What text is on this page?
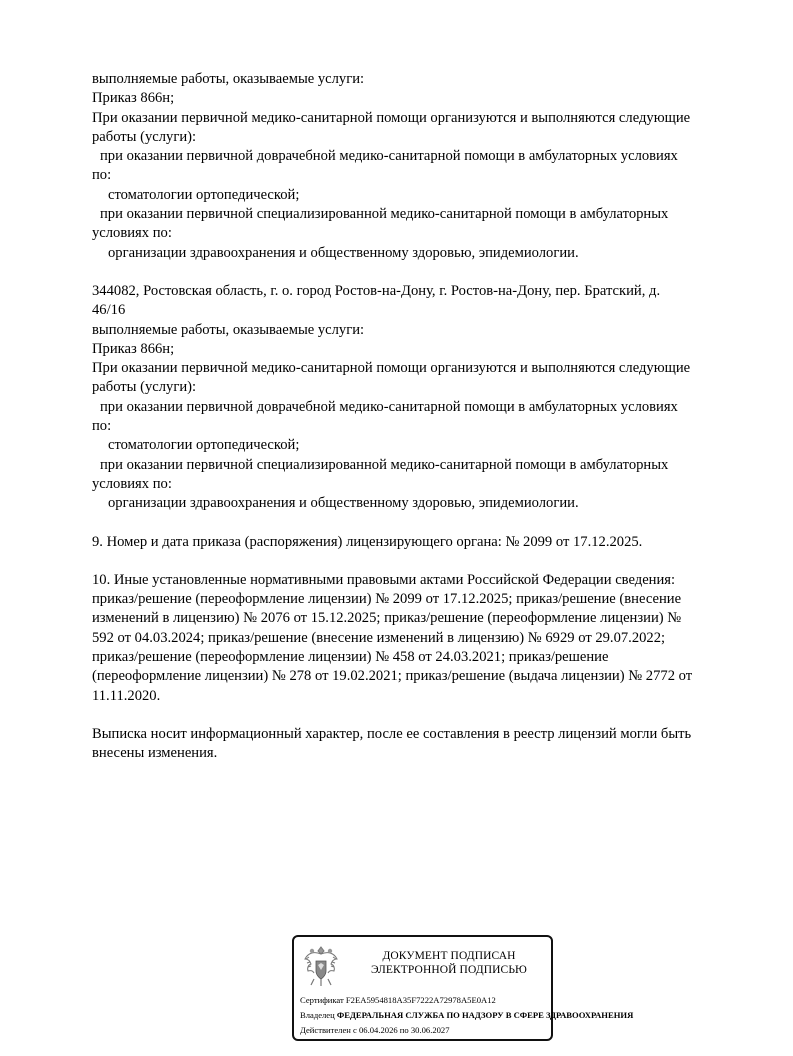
выполняемые работы, оказываемые услуги:
Приказ 866н;
При оказании первичной медико-санитарной помощи организуются и выполняются следующие
работы (услуги):
при оказании первичной доврачебной медико-санитарной помощи в амбулаторных условиях
по:
стоматологии ортопедической;
при оказании первичной специализированной медико-санитарной помощи в амбулаторных
условиях по:
организации здравоохранения и общественному здоровью, эпидемиологии.
344082, Ростовская область, г. о. город Ростов-на-Дону, г. Ростов-на-Дону, пер. Братский, д.
46/16
выполняемые работы, оказываемые услуги:
Приказ 866н;
При оказании первичной медико-санитарной помощи организуются и выполняются следующие
работы (услуги):
при оказании первичной доврачебной медико-санитарной помощи в амбулаторных условиях
по:
стоматологии ортопедической;
при оказании первичной специализированной медико-санитарной помощи в амбулаторных
условиях по:
организации здравоохранения и общественному здоровью, эпидемиологии.
9. Номер и дата приказа (распоряжения) лицензирующего органа: № 2099 от 17.12.2025.
10. Иные установленные нормативными правовыми актами Российской Федерации сведения:
приказ/решение (переоформление лицензии) № 2099 от 17.12.2025; приказ/решение (внесение
изменений в лицензию) № 2076 от 15.12.2025; приказ/решение (переоформление лицензии) №
592 от 04.03.2024; приказ/решение (внесение изменений в лицензию) № 6929 от 29.07.2022;
приказ/решение (переоформление лицензии) № 458 от 24.03.2021; приказ/решение
(переоформление лицензии) № 278 от 19.02.2021; приказ/решение (выдача лицензии) № 2772 от
11.11.2020.
Выписка носит информационный характер, после ее составления в реестр лицензий могли быть
внесены изменения.
ДОКУМЕНТ ПОДПИСАН
ЭЛЕКТРОННОЙ ПОДПИСЬЮ
Сертификат F2EA5954818A35F7222A72978A5E0A12
Владелец ФЕДЕРАЛЬНАЯ СЛУЖБА ПО НАДЗОРУ В СФЕРЕ ЗДРАВООХРАНЕНИЯ
Действителен с 06.04.2026 по 30.06.2027
